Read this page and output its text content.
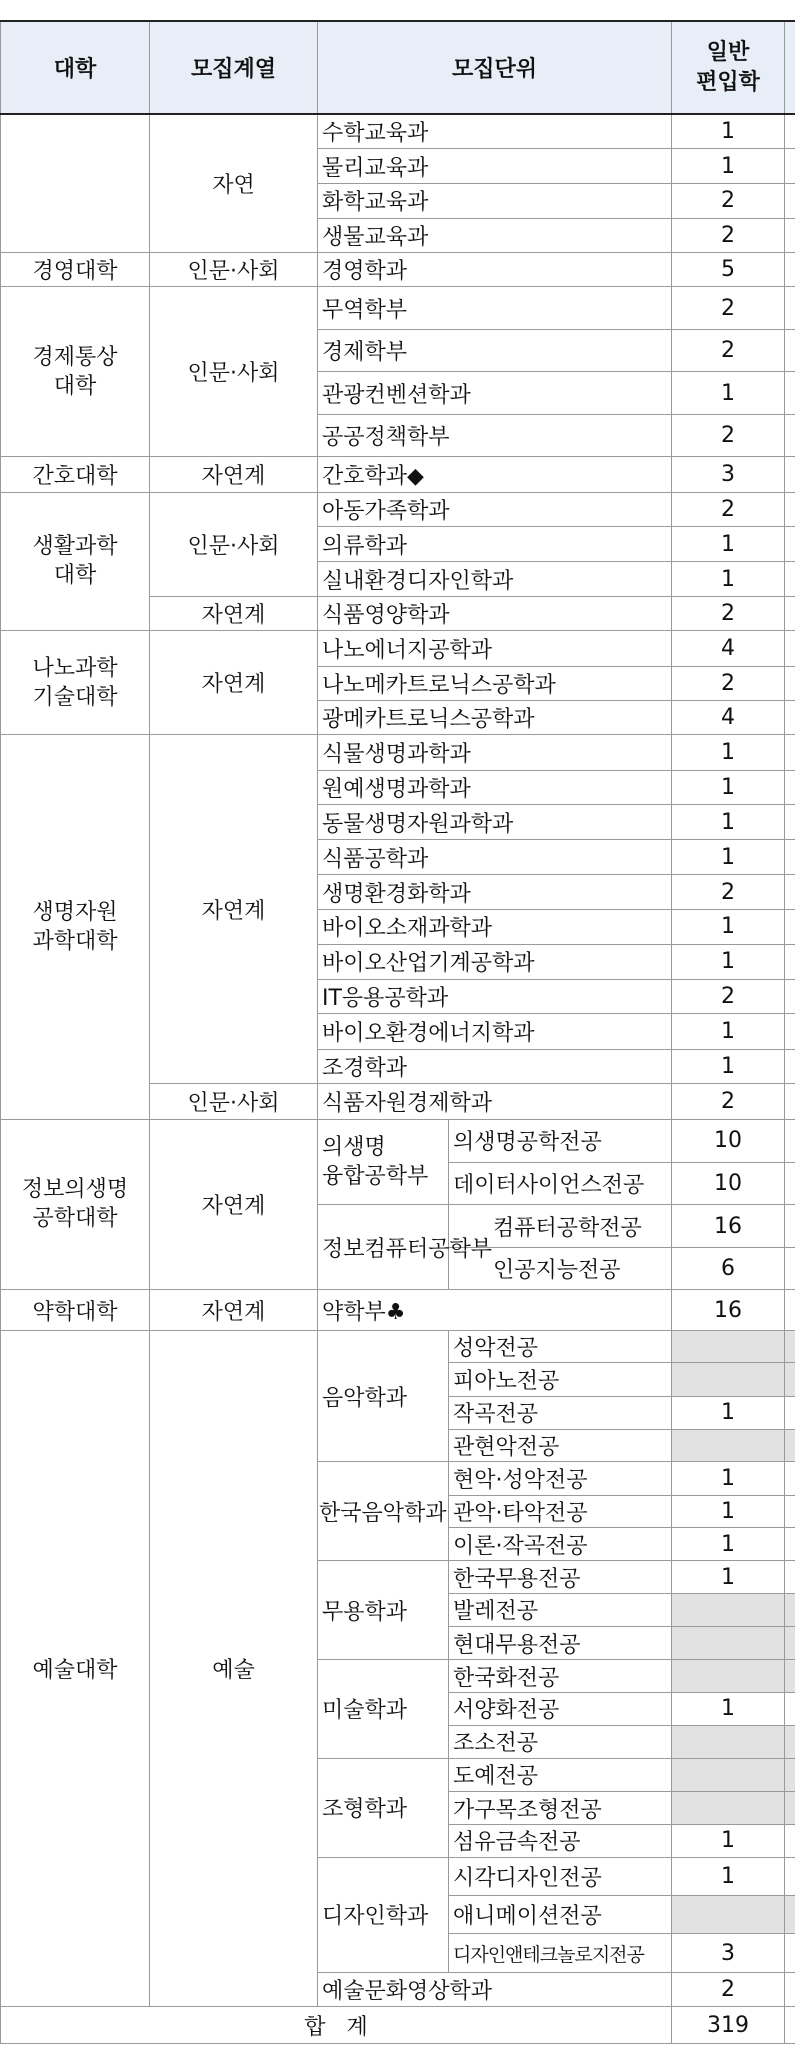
대학	모집계열	모집단위		일반
편입학	
	자연	수학교육과		1	
		물리교육과		1	
		화학교육과		2	
		생물교육과		2	
경영대학	인문·사회	경영학과		5	
경제통상
대학	인문·사회	무역학부		2	
		경제학부		2	
		관광컨벤션학과		1	
		공공정책학부		2	
간호대학	자연계	간호학과◆		3	
생활과학
대학	인문·사회	아동가족학과		2	
		의류학과		1	
		실내환경디자인학과		1	
	자연계	식품영양학과		2	
나노과학
기술대학	자연계	나노에너지공학과		4	
		나노메카트로닉스공학과		2	
		광메카트로닉스공학과		4	
생명자원
과학대학	자연계	식물생명과학과		1	
		원예생명과학과		1	
		동물생명자원과학과		1	
		식품공학과		1	
		생명환경화학과		2	
		바이오소재과학과		1	
		바이오산업기계공학과		1	
		IT응용공학과		2	
		바이오환경에너지학과		1	
		조경학과		1	
	인문·사회	식품자원경제학과		2	
정보의생명
공학대학	자연계	의생명
융합공학부	의생명공학전공	10	
			데이터사이언스전공	10	
		정보컴퓨터공학부	컴퓨터공학전공	16	
			인공지능전공	6	
약학대학	자연계	약학부♣		16	
예술대학	예술	음악학과	성악전공		
			피아노전공		
			작곡전공	1	
			관현악전공		
		한국음악학과	현악·성악전공	1	
			관악·타악전공	1	
			이론·작곡전공	1	
		무용학과	한국무용전공	1	
			발레전공		
			현대무용전공		
		미술학과	한국화전공		
			서양화전공	1	
			조소전공		
		조형학과	도예전공		
			가구목조형전공		
			섬유금속전공	1	
		디자인학과	시각디자인전공	1	
			애니메이션전공		
			디자인앤테크놀로지전공	3	
		예술문화영상학과		2	
합   계				319	
